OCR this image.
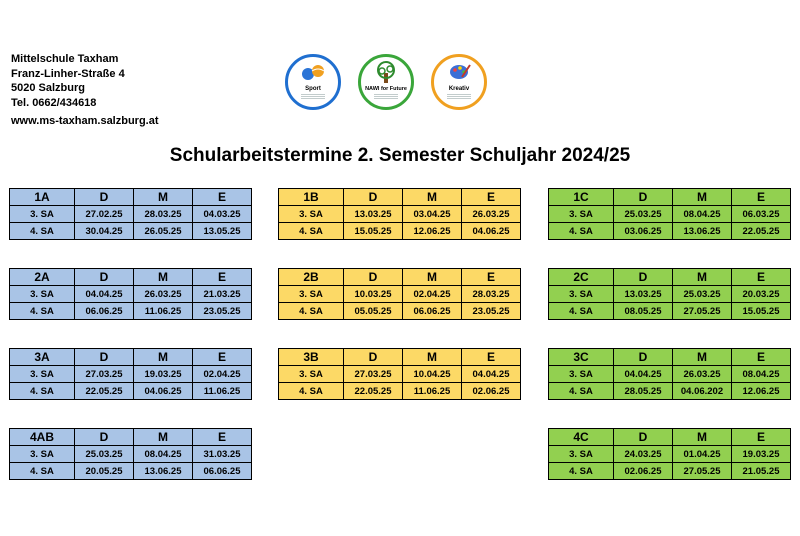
Mittelschule Taxham
Franz-Linher-Straße 4
5020 Salzburg
Tel. 0662/434618
www.ms-taxham.salzburg.at
Sport	NAWI for Future	Kreativ
Schularbeitstermine 2. Semester Schuljahr 2024/25
1A	D	M	E
3. SA	27.02.25	28.03.25	04.03.25
4. SA	30.04.25	26.05.25	13.05.25
1B	D	M	E
3. SA	13.03.25	03.04.25	26.03.25
4. SA	15.05.25	12.06.25	04.06.25
1C	D	M	E
3. SA	25.03.25	08.04.25	06.03.25
4. SA	03.06.25	13.06.25	22.05.25
2A	D	M	E
3. SA	04.04.25	26.03.25	21.03.25
4. SA	06.06.25	11.06.25	23.05.25
2B	D	M	E
3. SA	10.03.25	02.04.25	28.03.25
4. SA	05.05.25	06.06.25	23.05.25
2C	D	M	E
3. SA	13.03.25	25.03.25	20.03.25
4. SA	08.05.25	27.05.25	15.05.25
3A	D	M	E
3. SA	27.03.25	19.03.25	02.04.25
4. SA	22.05.25	04.06.25	11.06.25
3B	D	M	E
3. SA	27.03.25	10.04.25	04.04.25
4. SA	22.05.25	11.06.25	02.06.25
3C	D	M	E
3. SA	04.04.25	26.03.25	08.04.25
4. SA	28.05.25	04.06.202	12.06.25
4AB	D	M	E
3. SA	25.03.25	08.04.25	31.03.25
4. SA	20.05.25	13.06.25	06.06.25
4C	D	M	E
3. SA	24.03.25	01.04.25	19.03.25
4. SA	02.06.25	27.05.25	21.05.25
